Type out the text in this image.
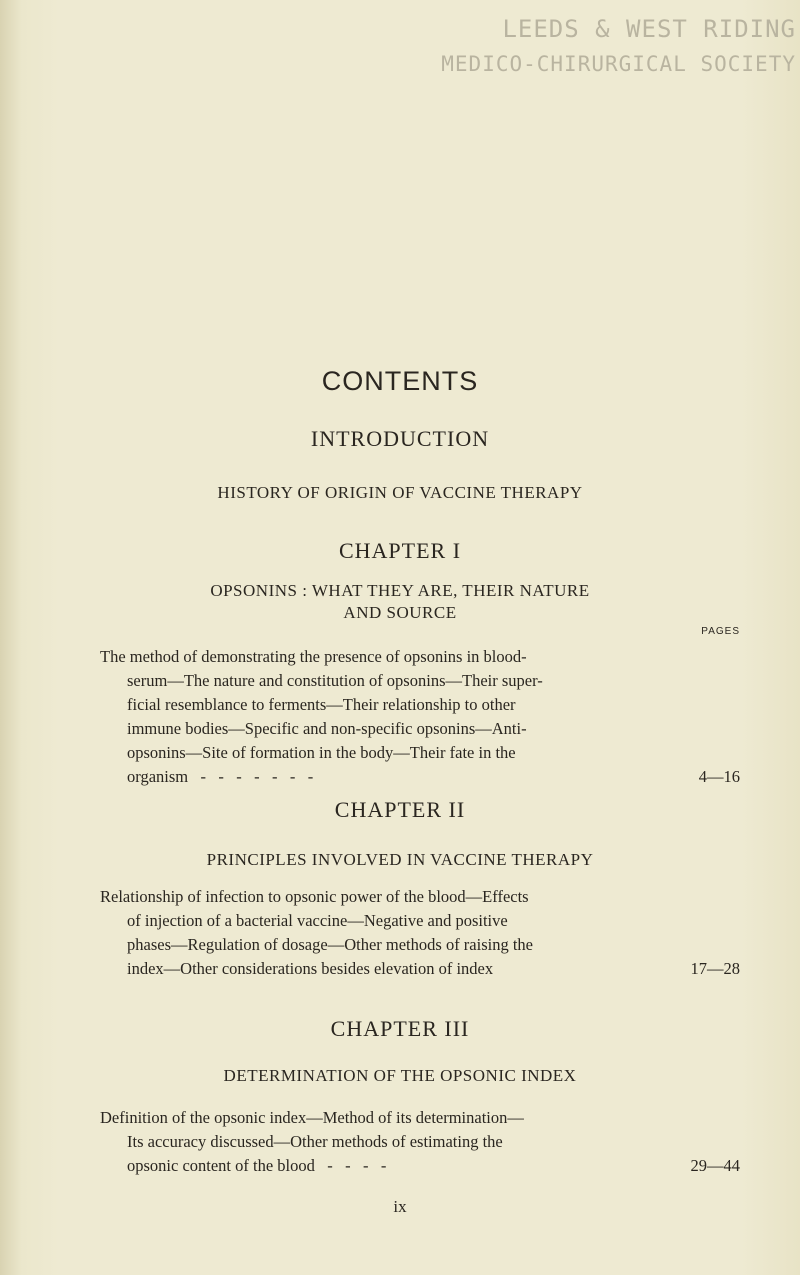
LEEDS & WEST RIDING
MEDICO-CHIRURGICAL SOCIETY
CONTENTS
INTRODUCTION
HISTORY OF ORIGIN OF VACCINE THERAPY
CHAPTER I
OPSONINS : WHAT THEY ARE, THEIR NATURE
AND SOURCE
PAGES
The method of demonstrating the presence of opsonins in blood-
serum—The nature and constitution of opsonins—Their super-
ficial resemblance to ferments—Their relationship to other
immune bodies—Specific and non-specific opsonins—Anti-
opsonins—Site of formation in the body—Their fate in the
organism   -   -   -   -   -   -   -	4—16
CHAPTER II
PRINCIPLES INVOLVED IN VACCINE THERAPY
Relationship of infection to opsonic power of the blood—Effects
of injection of a bacterial vaccine—Negative and positive
phases—Regulation of dosage—Other methods of raising the
index—Other considerations besides elevation of index	17—28
CHAPTER III
DETERMINATION OF THE OPSONIC INDEX
Definition of the opsonic index—Method of its determination—
Its accuracy discussed—Other methods of estimating the
opsonic content of the blood   -   -   -   -	29—44
ix
